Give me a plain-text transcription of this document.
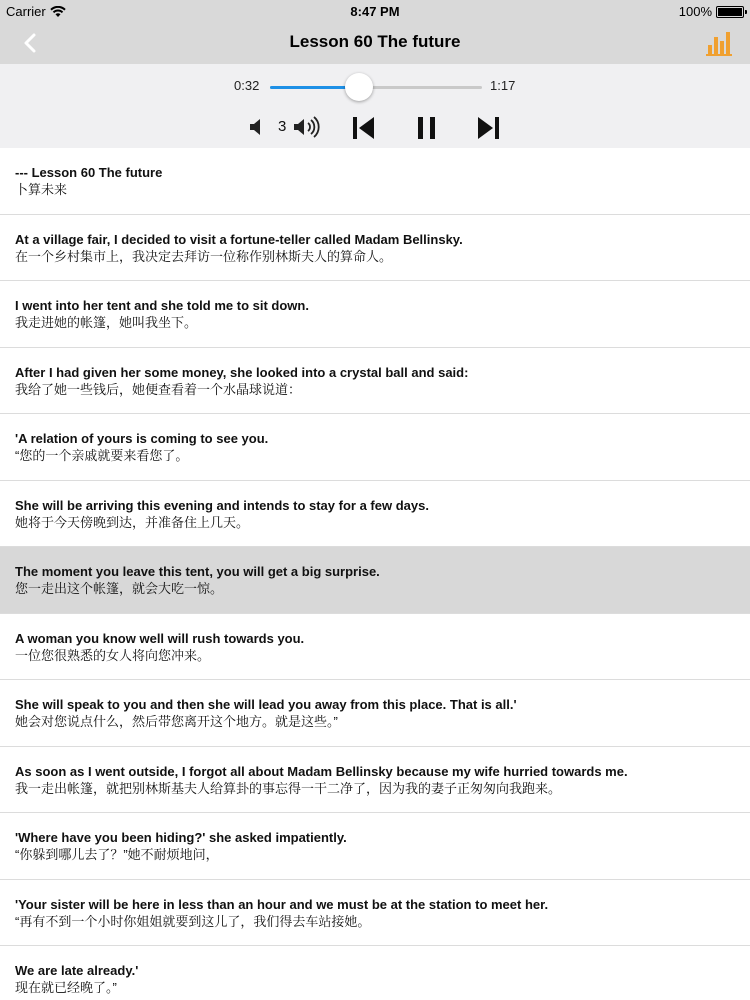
Carrier	8:47 PM	100%
Lesson 60 The future
0:32	1:17
3
--- Lesson 60 The future
卜算未来
At a village fair, I decided to visit a fortune-teller called Madam Bellinsky.
在一个乡村集市上，我决定去拜访一位称作别林斯夫人的算命人。
I went into her tent and she told me to sit down.
我走进她的帐篷，她叫我坐下。
After I had given her some money, she looked into a crystal ball and said:
我给了她一些钱后，她便查看着一个水晶球说道：
'A relation of yours is coming to see you.
“您的一个亲戚就要来看您了。
She will be arriving this evening and intends to stay for a few days.
她将于今天傍晚到达，并准备住上几天。
The moment you leave this tent, you will get a big surprise.
您一走出这个帐篷，就会大吃一惊。
A woman you know well will rush towards you.
一位您很熟悉的女人将向您冲来。
She will speak to you and then she will lead you away from this place. That is all.'
她会对您说点什么，然后带您离开这个地方。就是这些。”
As soon as I went outside, I forgot all about Madam Bellinsky because my wife hurried towards me.
我一走出帐篷，就把别林斯基夫人给算卦的事忘得一干二净了，因为我的妻子正匆匆向我跑来。
'Where have you been hiding?' she asked impatiently.
“你躲到哪儿去了？”她不耐烦地问，
'Your sister will be here in less than an hour and we must be at the station to meet her.
“再有不到一个小时你姐姐就要到这儿了，我们得去车站接她。
We are late already.'
现在就已经晚了。”
